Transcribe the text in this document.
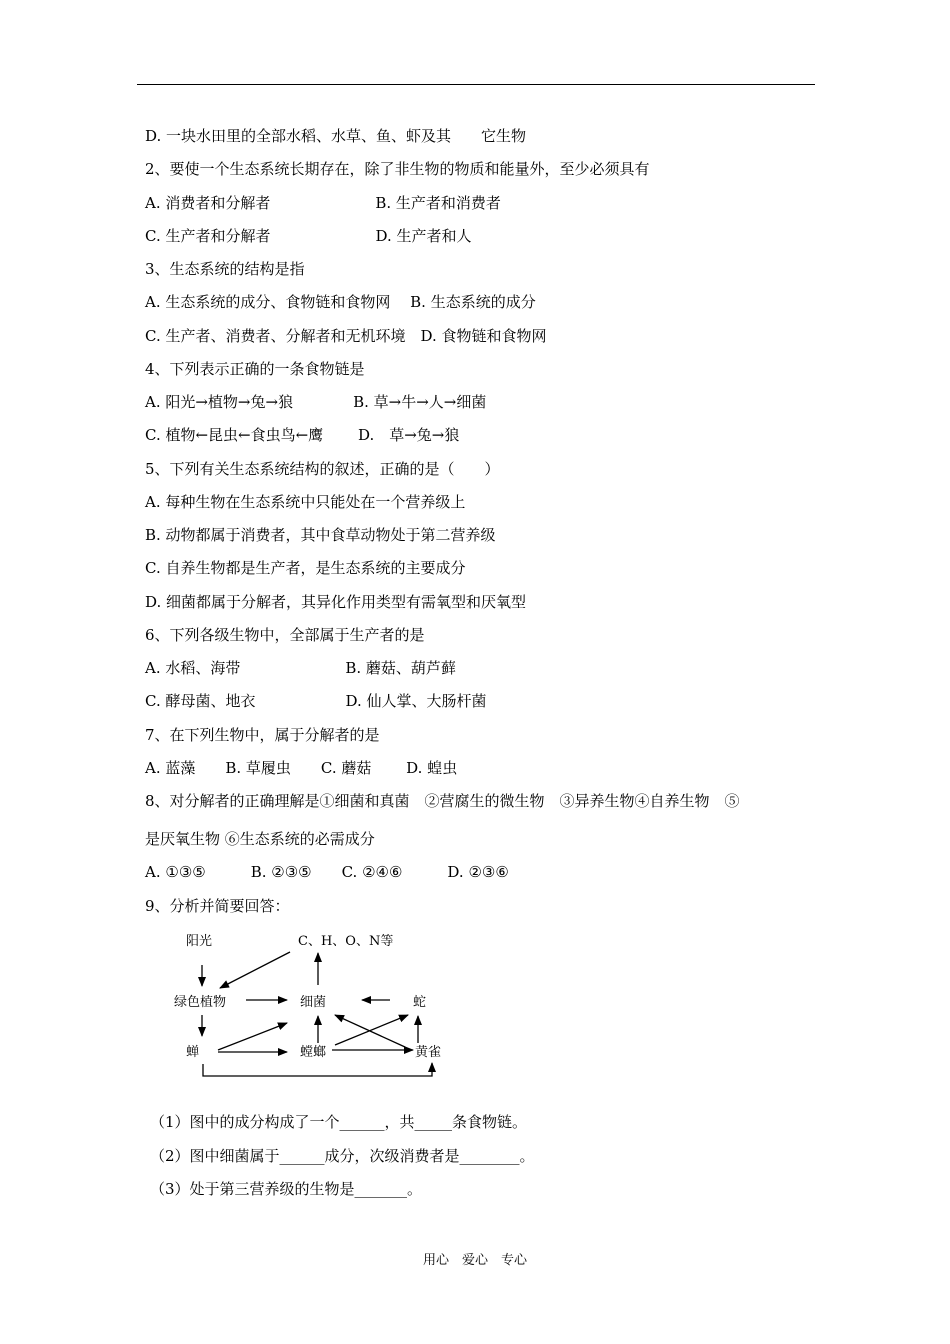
D. 一块水田里的全部水稻、水草、鱼、虾及其　　它生物
2、要使一个生态系统长期存在，除了非生物的物质和能量外，至少必须具有
A. 消费者和分解者　　　　　　　B. 生产者和消费者
C. 生产者和分解者　　　　　　　D. 生产者和人
3、生态系统的结构是指
A. 生态系统的成分、食物链和食物网　 B. 生态系统的成分
C. 生产者、消费者、分解者和无机环境　D. 食物链和食物网
4、下列表示正确的一条食物链是
A. 阳光→植物→兔→狼　　　　B. 草→牛→人→细菌
C. 植物←昆虫←食虫鸟←鹰　　 D.　草→兔→狼
5、下列有关生态系统结构的叙述，正确的是（　　）
A. 每种生物在生态系统中只能处在一个营养级上
B. 动物都属于消费者，其中食草动物处于第二营养级
C. 自养生物都是生产者，是生态系统的主要成分
D. 细菌都属于分解者，其异化作用类型有需氧型和厌氧型
6、下列各级生物中，全部属于生产者的是
A. 水稻、海带　　　　　　　B. 蘑菇、葫芦藓
C. 酵母菌、地衣　　　　　　D. 仙人掌、大肠杆菌
7、在下列生物中，属于分解者的是
A. 蓝藻　　B. 草履虫　　C. 蘑菇　　 D. 蝗虫
8、对分解者的正确理解是①细菌和真菌　②营腐生的微生物　③异养生物④自养生物　⑤
是厌氧生物 ⑥生态系统的必需成分
A. ①③⑤　　　B. ②③⑤　　C. ②④⑥　　　D. ②③⑥
9、分析并简要回答：
阳光	C、H、O、N等
绿色植物	细菌	蛇
蝉	螳螂	黄雀
（1）图中的成分构成了一个______，共_____条食物链。
（2）图中细菌属于______成分，次级消费者是________。
（3）处于第三营养级的生物是_______。
用心　爱心　专心
